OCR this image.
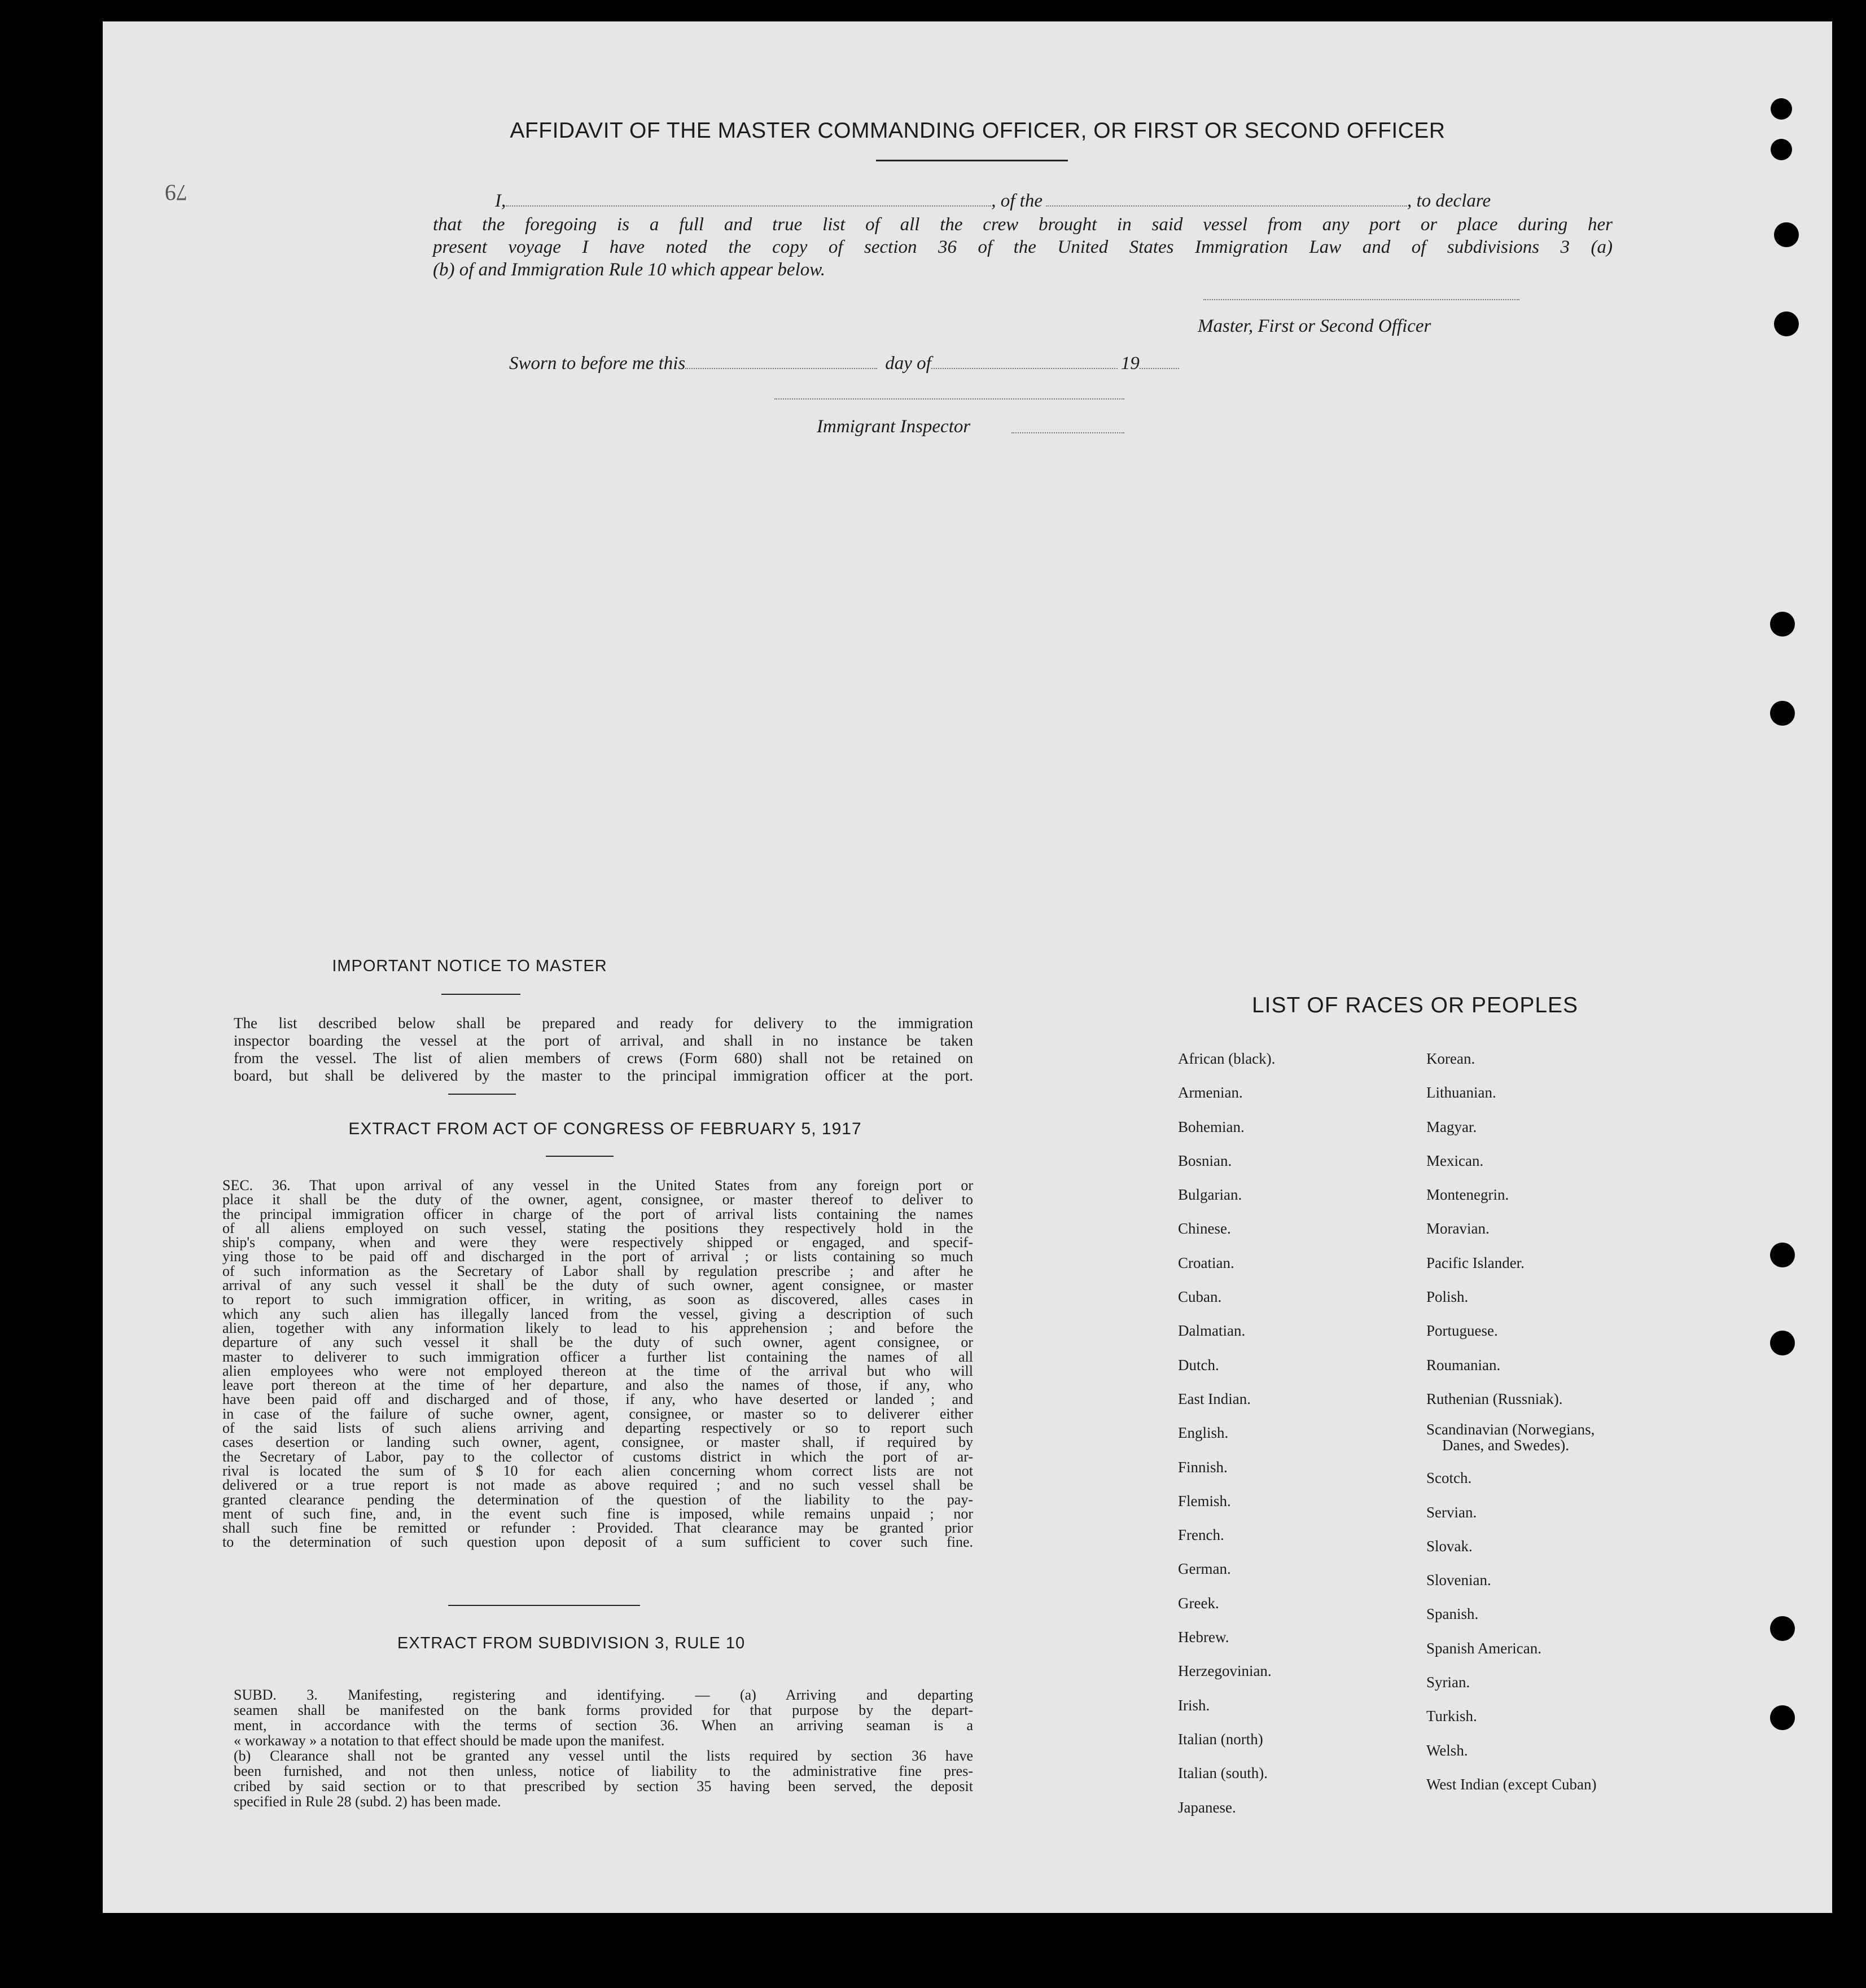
79
AFFIDAVIT OF THE MASTER COMMANDING OFFICER, OR FIRST OR SECOND OFFICER
I,	, of the	, to declare
that the foregoing is a full and true list of all the crew brought in said vessel from any port or place during her
present voyage I have noted the copy of section 36 of the United States Immigration Law and of subdivisions 3 (a)
(b) of and Immigration Rule 10 which appear below.
Master, First or Second Officer
Sworn to before me this	day of	19
Immigrant Inspector
IMPORTANT NOTICE TO MASTER

The list described below shall be prepared and ready for delivery to the immigration

inspector boarding the vessel at the port of arrival, and shall in no instance be taken

from the vessel. The list of alien members of crews (Form 680) shall not be retained on

board, but shall be delivered by the master to the principal immigration officer at the port.

EXTRACT FROM ACT OF CONGRESS OF FEBRUARY 5, 1917

SEC. 36. That upon arrival of any vessel in the United States from any foreign port or

place it shall be the duty of the owner, agent, consignee, or master thereof to deliver to

the principal immigration officer in charge of the port of arrival lists containing the names

of all aliens employed on such vessel, stating the positions they respectively hold in the

ship's company, when and were they were respectively shipped or engaged, and specif-

ying those to be paid off and discharged in the port of arrival ; or lists containing so much

of such information as the Secretary of Labor shall by regulation prescribe ; and after he

arrival of any such vessel it shall be the duty of such owner, agent consignee, or master

to report to such immigration officer, in writing, as soon as discovered, alles cases in

which any such alien has illegally lanced from the vessel, giving a description of such

alien, together with any information likely to lead to his apprehension ; and before the

departure of any such vessel it shall be the duty of such owner, agent consignee, or

master to deliverer to such immigration officer a further list containing the names of all

alien employees who were not employed thereon at the time of the arrival but who will

leave port thereon at the time of her departure, and also the names of those, if any, who

have been paid off and discharged and of those, if any, who have deserted or landed ; and

in case of the failure of suche owner, agent, consignee, or master so to deliverer either

of the said lists of such aliens arriving and departing respectively or so to report such

cases desertion or landing such owner, agent, consignee, or master shall, if required by

the Secretary of Labor, pay to the collector of customs district in which the port of ar-

rival is located the sum of $ 10 for each alien concerning whom correct lists are not

delivered or a true report is not made as above required ; and no such vessel shall be

granted clearance pending the determination of the question of the liability to the pay-

ment of such fine, and, in the event such fine is imposed, while remains unpaid ; nor

shall such fine be remitted or refunder : Provided. That clearance may be granted prior

to the determination of such question upon deposit of a sum sufficient to cover such fine.

EXTRACT FROM SUBDIVISION 3, RULE 10

SUBD. 3. Manifesting, registering and identifying. — (a) Arriving and departing

seamen shall be manifested on the bank forms provided for that purpose by the depart-

ment, in accordance with the terms of section 36. When an arriving seaman is a

« workaway » a notation to that effect should be made upon the manifest.

(b) Clearance shall not be granted any vessel until the lists required by section 36 have

been furnished, and not then unless, notice of liability to the administrative fine pres-

cribed by said section or to that prescribed by section 35 having been served, the deposit

specified in Rule 28 (subd. 2) has been made.

LIST OF RACES OR PEOPLES
African (black).
Armenian.
Bohemian.
Bosnian.
Bulgarian.
Chinese.
Croatian.
Cuban.
Dalmatian.
Dutch.
East Indian.
English.
Finnish.
Flemish.
French.
German.
Greek.
Hebrew.
Herzegovinian.
Irish.
Italian (north)
Italian (south).
Japanese.
Korean.
Lithuanian.
Magyar.
Mexican.
Montenegrin.
Moravian.
Pacific Islander.
Polish.
Portuguese.
Roumanian.
Ruthenian (Russniak).
Scandinavian (Norwegians,
Danes, and Swedes).
Scotch.
Servian.
Slovak.
Slovenian.
Spanish.
Spanish American.
Syrian.
Turkish.
Welsh.
West Indian (except Cuban)
